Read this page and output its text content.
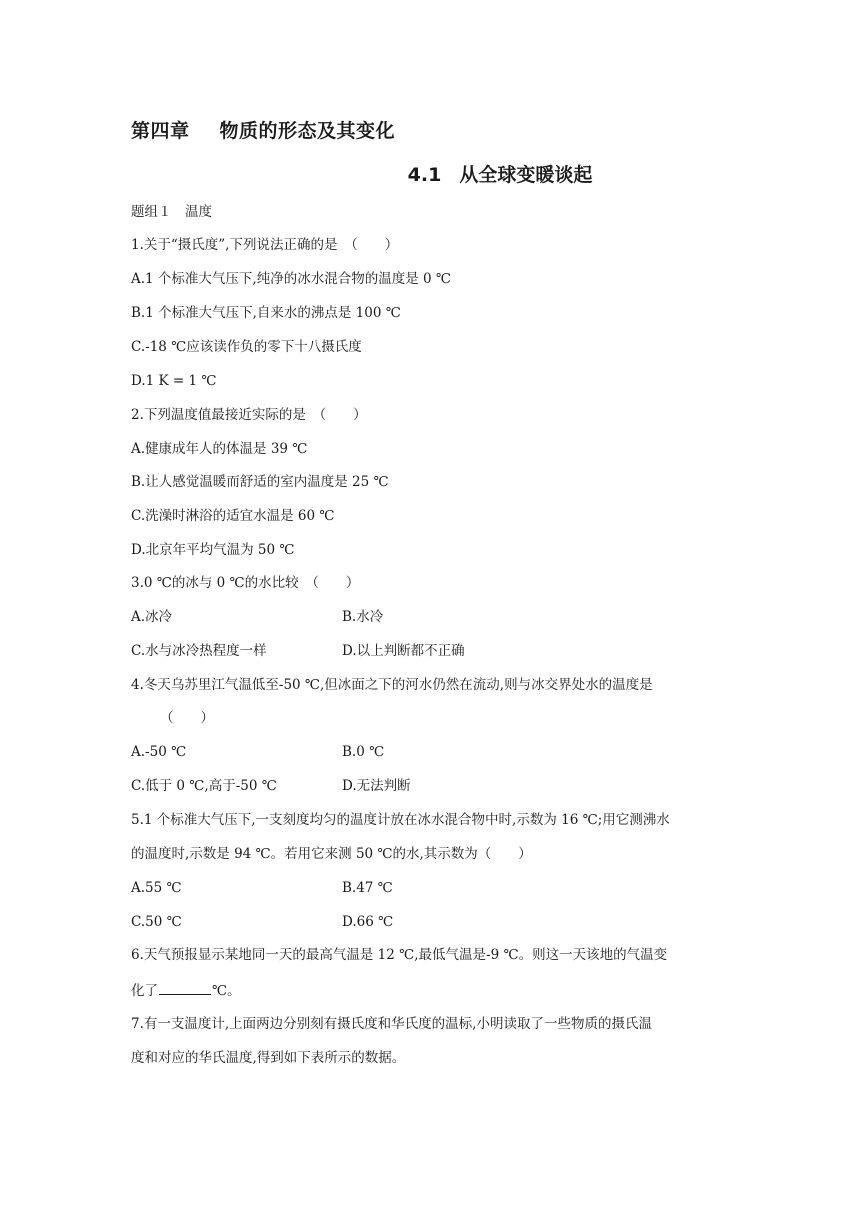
第四章 物质的形态及其变化
4.1 从全球变暖谈起
题组１　温度
1.关于“摄氏度”,下列说法正确的是　（　　）
A.1 个标准大气压下,纯净的冰水混合物的温度是 0 ℃
B.1 个标准大气压下,自来水的沸点是 100 ℃
C.-18 ℃应该读作负的零下十八摄氏度
D.1 K = 1 ℃
2.下列温度值最接近实际的是　（　　）
A.健康成年人的体温是 39 ℃
B.让人感觉温暖而舒适的室内温度是 25 ℃
C.洗澡时淋浴的适宜水温是 60 ℃
D.北京年平均气温为 50 ℃
3.0 ℃的冰与 0 ℃的水比较　（　　）
A.冰冷	B.水冷
C.水与冰冷热程度一样	D.以上判断都不正确
4.冬天乌苏里江气温低至-50 ℃,但冰面之下的河水仍然在流动,则与冰交界处水的温度是
（　　）
A.-50 ℃	B.0 ℃
C.低于 0 ℃,高于-50 ℃	D.无法判断
5.1 个标准大气压下,一支刻度均匀的温度计放在冰水混合物中时,示数为 16 ℃;用它测沸水
的温度时,示数是 94 ℃。若用它来测 50 ℃的水,其示数为（　　）
A.55 ℃	B.47 ℃
C.50 ℃	D.66 ℃
6.天气预报显示某地同一天的最高气温是 12 ℃,最低气温是-9 ℃。则这一天该地的气温变
化了	℃。
7.有一支温度计,上面两边分别刻有摄氏度和华氏度的温标,小明读取了一些物质的摄氏温
度和对应的华氏温度,得到如下表所示的数据。
